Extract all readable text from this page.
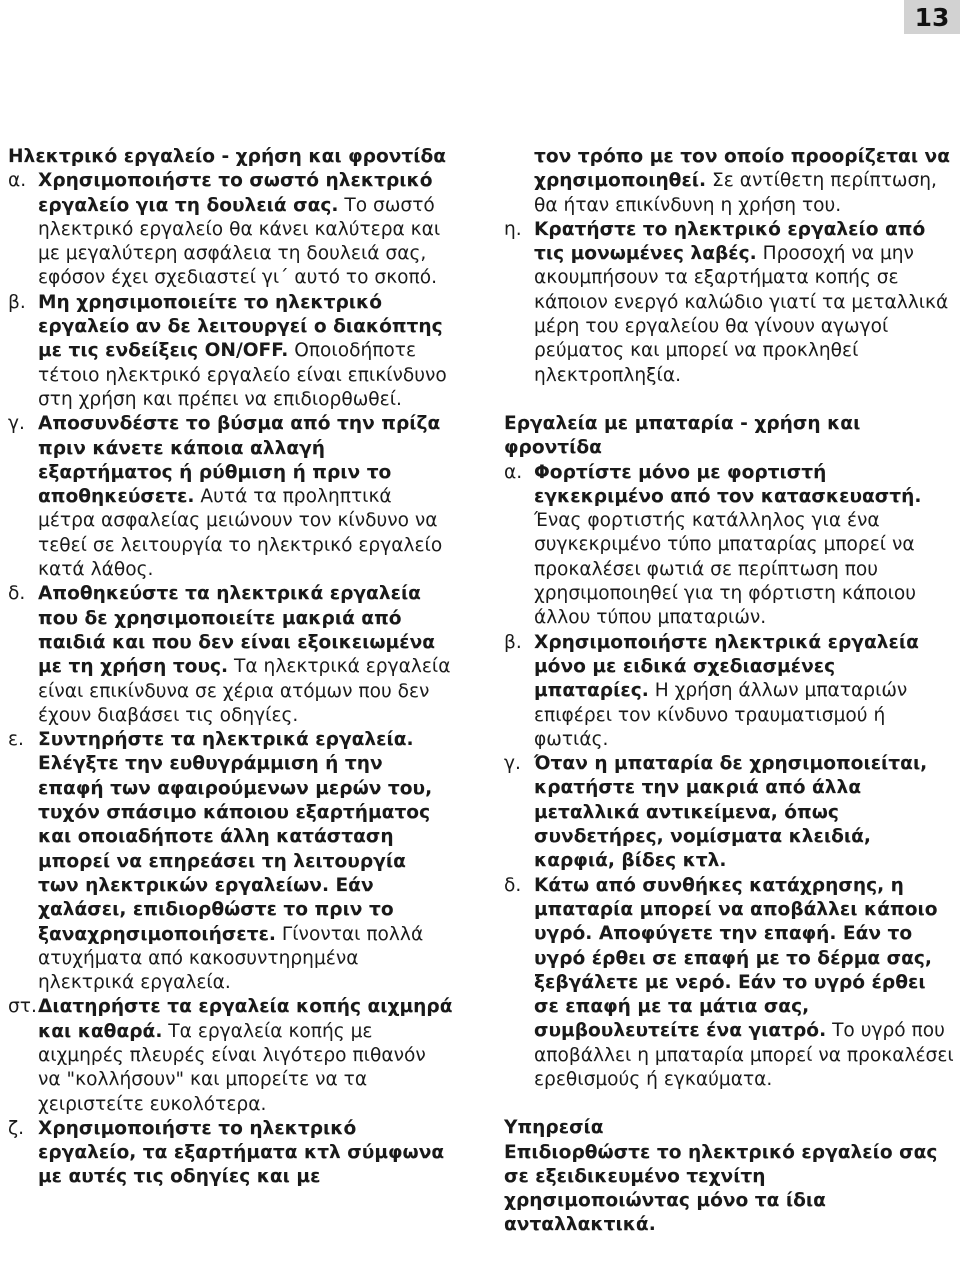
13

Ηλεκτρικό εργαλείο - χρήση και φροντίδα

α. Χρησιμοποιήστε το σωστό ηλεκτρικό εργαλείο για τη δουλειά σας. Το σωστό ηλεκτρικό εργαλείο θα κάνει καλύτερα και με μεγαλύτερη ασφάλεια τη δουλειά σας, εφόσον έχει σχεδιαστεί γι΄ αυτό το σκοπό.
β. Μη χρησιμοποιείτε το ηλεκτρικό εργαλείο αν δε λειτουργεί ο διακόπτης με τις ενδείξεις ON/OFF. Οποιοδήποτε τέτοιο ηλεκτρικό εργαλείο είναι επικίνδυνο στη χρήση και πρέπει να επιδιορθωθεί.
γ. Αποσυνδέστε το βύσμα από την πρίζα πριν κάνετε κάποια αλλαγή εξαρτήματος ή ρύθμιση ή πριν το αποθηκεύσετε. Αυτά τα προληπτικά μέτρα ασφαλείας μειώνουν τον κίνδυνο να τεθεί σε λειτουργία το ηλεκτρικό εργαλείο κατά λάθος.
δ. Αποθηκεύστε τα ηλεκτρικά εργαλεία που δε χρησιμοποιείτε μακριά από παιδιά και που δεν είναι εξοικειωμένα με τη χρήση τους. Τα ηλεκτρικά εργαλεία είναι επικίνδυνα σε χέρια ατόμων που δεν έχουν διαβάσει τις οδηγίες.
ε. Συντηρήστε τα ηλεκτρικά εργαλεία. Ελέγξτε την ευθυγράμμιση ή την επαφή των αφαιρούμενων μερών του, τυχόν σπάσιμο κάποιου εξαρτήματος και οποιαδήποτε άλλη κατάσταση μπορεί να επηρεάσει τη λειτουργία των ηλεκτρικών εργαλείων. Εάν χαλάσει, επιδιορθώστε το πριν το ξαναχρησιμοποιήσετε. Γίνονται πολλά ατυχήματα από κακοσυντηρημένα ηλεκτρικά εργαλεία.
στ. Διατηρήστε τα εργαλεία κοπής αιχμηρά και καθαρά. Τα εργαλεία κοπής με αιχμηρές πλευρές είναι λιγότερο πιθανόν να "κολλήσουν" και μπορείτε να τα χειριστείτε ευκολότερα.
ζ. Χρησιμοποιήστε το ηλεκτρικό εργαλείο, τα εξαρτήματα κτλ σύμφωνα με αυτές τις οδηγίες και με
τον τρόπο με τον οποίο προορίζεται να χρησιμοποιηθεί. Σε αντίθετη περίπτωση, θα ήταν επικίνδυνη η χρήση του.
η. Κρατήστε το ηλεκτρικό εργαλείο από τις μονωμένες λαβές. Προσοχή να μην ακουμπήσουν τα εξαρτήματα κοπής σε κάποιον ενεργό καλώδιο γιατί τα μεταλλικά μέρη του εργαλείου θα γίνουν αγωγοί ρεύματος και μπορεί να προκληθεί ηλεκτροπληξία.

Εργαλεία με μπαταρία - χρήση και φροντίδα

α. Φορτίστε μόνο με φορτιστή εγκεκριμένο από τον κατασκευαστή. Ένας φορτιστής κατάλληλος για ένα συγκεκριμένο τύπο μπαταρίας μπορεί να προκαλέσει φωτιά σε περίπτωση που χρησιμοποιηθεί για τη φόρτιστη κάποιου άλλου τύπου μπαταριών.
β. Χρησιμοποιήστε ηλεκτρικά εργαλεία μόνο με ειδικά σχεδιασμένες μπαταρίες. Η χρήση άλλων μπαταριών επιφέρει τον κίνδυνο τραυματισμού ή φωτιάς.
γ. Όταν η μπαταρία δε χρησιμοποιείται, κρατήστε την μακριά από άλλα μεταλλικά αντικείμενα, όπως συνδετήρες, νομίσματα κλειδιά, καρφιά, βίδες κτλ.
δ. Κάτω από συνθήκες κατάχρησης, η μπαταρία μπορεί να αποβάλλει κάποιο υγρό. Αποφύγετε την επαφή. Εάν το υγρό έρθει σε επαφή με το δέρμα σας, ξεβγάλετε με νερό. Εάν το υγρό έρθει σε επαφή με τα μάτια σας, συμβουλευτείτε ένα γιατρό. Το υγρό που αποβάλλει η μπαταρία μπορεί να προκαλέσει ερεθισμούς ή εγκαύματα.

Υπηρεσία

Επιδιορθώστε το ηλεκτρικό εργαλείο σας σε εξειδικευμένο τεχνίτη χρησιμοποιώντας μόνο τα ίδια ανταλλακτικά.
